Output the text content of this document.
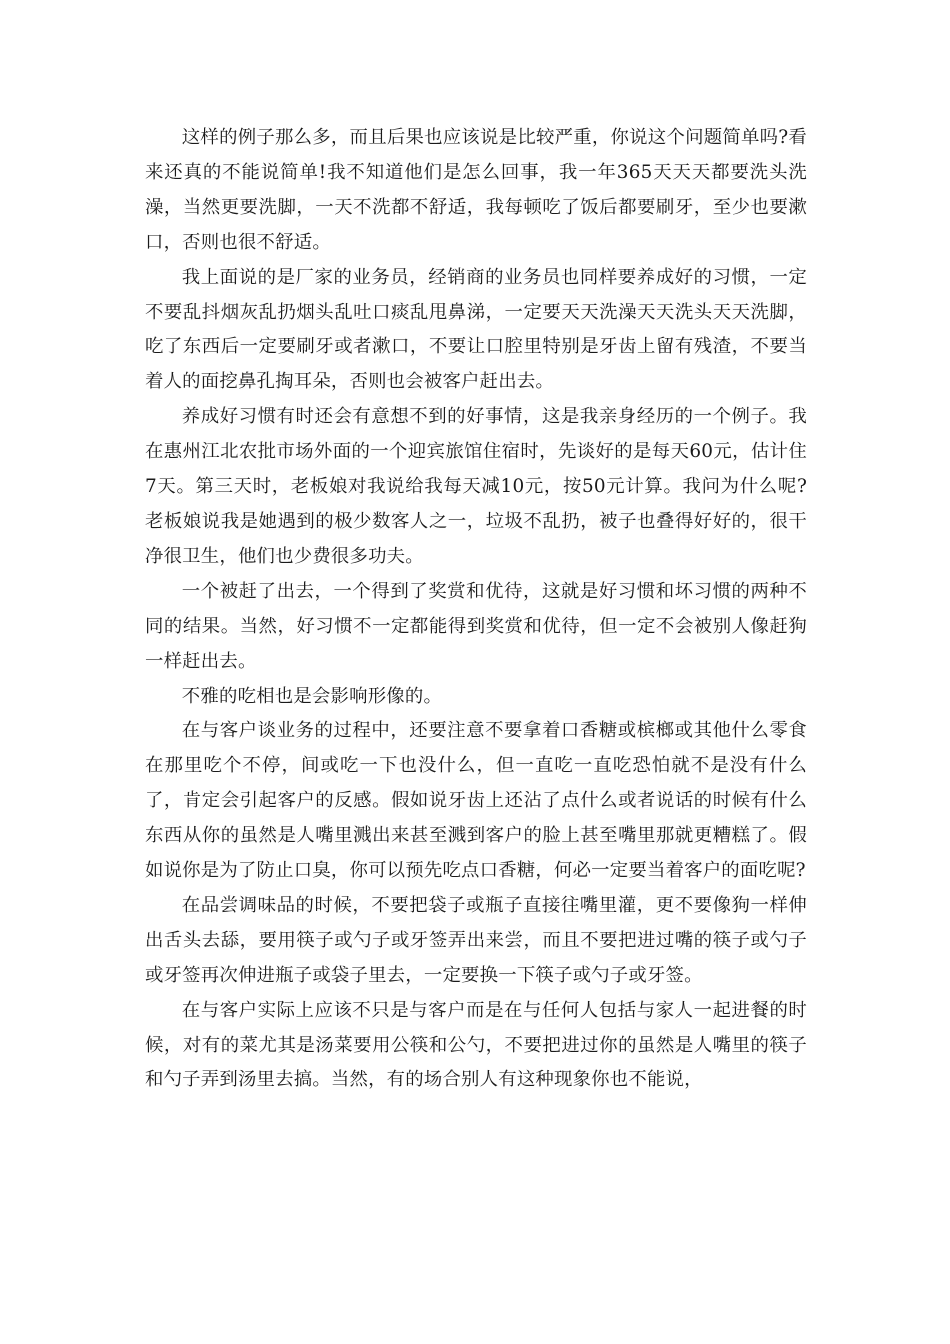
这样的例子那么多，而且后果也应该说是比较严重，你说这个问题简单吗?看来还真的不能说简单!我不知道他们是怎么回事，我一年365天天天都要洗头洗澡，当然更要洗脚，一天不洗都不舒适，我每顿吃了饭后都要刷牙，至少也要漱口，否则也很不舒适。

我上面说的是厂家的业务员，经销商的业务员也同样要养成好的习惯，一定不要乱抖烟灰乱扔烟头乱吐口痰乱甩鼻涕，一定要天天洗澡天天洗头天天洗脚，吃了东西后一定要刷牙或者漱口，不要让口腔里特别是牙齿上留有残渣，不要当着人的面挖鼻孔掏耳朵，否则也会被客户赶出去。

养成好习惯有时还会有意想不到的好事情，这是我亲身经历的一个例子。我在惠州江北农批市场外面的一个迎宾旅馆住宿时，先谈好的是每天60元，估计住7天。第三天时，老板娘对我说给我每天减10元，按50元计算。我问为什么呢?老板娘说我是她遇到的极少数客人之一，垃圾不乱扔，被子也叠得好好的，很干净很卫生，他们也少费很多功夫。

一个被赶了出去，一个得到了奖赏和优待，这就是好习惯和坏习惯的两种不同的结果。当然，好习惯不一定都能得到奖赏和优待，但一定不会被别人像赶狗一样赶出去。

不雅的吃相也是会影响形像的。

在与客户谈业务的过程中，还要注意不要拿着口香糖或槟榔或其他什么零食在那里吃个不停，间或吃一下也没什么，但一直吃一直吃恐怕就不是没有什么了，肯定会引起客户的反感。假如说牙齿上还沾了点什么或者说话的时候有什么东西从你的虽然是人嘴里溅出来甚至溅到客户的脸上甚至嘴里那就更糟糕了。假如说你是为了防止口臭，你可以预先吃点口香糖，何必一定要当着客户的面吃呢?

在品尝调味品的时候，不要把袋子或瓶子直接往嘴里灌，更不要像狗一样伸出舌头去舔，要用筷子或勺子或牙签弄出来尝，而且不要把进过嘴的筷子或勺子或牙签再次伸进瓶子或袋子里去，一定要换一下筷子或勺子或牙签。

在与客户实际上应该不只是与客户而是在与任何人包括与家人一起进餐的时候，对有的菜尤其是汤菜要用公筷和公勺，不要把进过你的虽然是人嘴里的筷子和勺子弄到汤里去搞。当然，有的场合别人有这种现象你也不能说，
